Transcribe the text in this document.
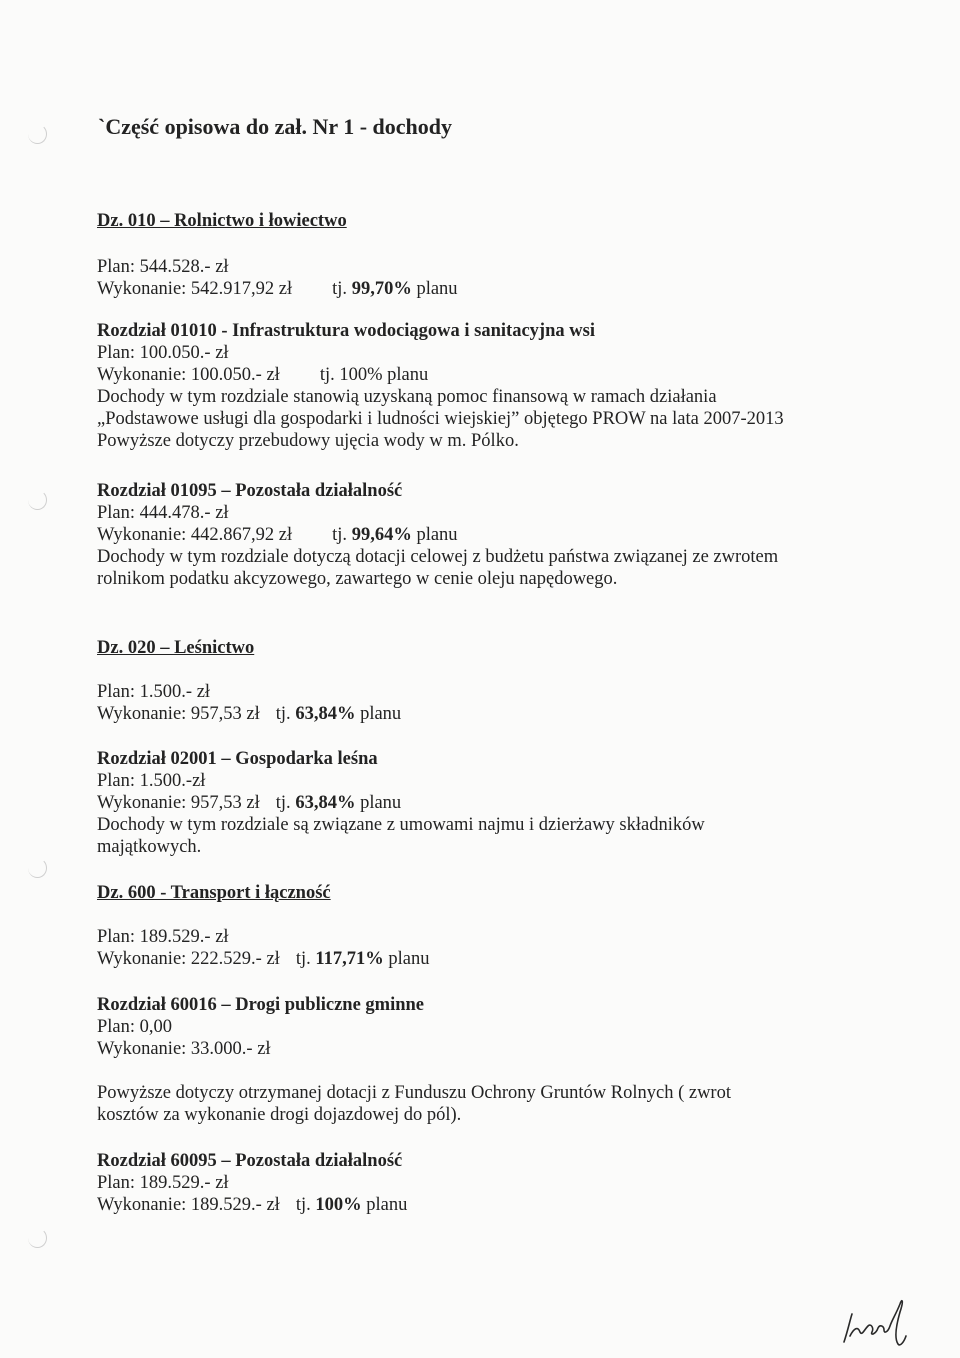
`Część opisowa do zał. Nr 1 - dochody
Dz. 010 – Rolnictwo i łowiectwo
Plan: 544.528.- zł
Wykonanie: 542.917,92 zł tj. 99,70% planu
Rozdział 01010 - Infrastruktura wodociągowa i sanitacyjna wsi
Plan: 100.050.- zł
Wykonanie: 100.050.- zł tj. 100% planu
Dochody w tym rozdziale stanowią uzyskaną pomoc finansową w ramach działania
„Podstawowe usługi dla gospodarki i ludności wiejskiej” objętego PROW na lata 2007-2013
Powyższe dotyczy przebudowy ujęcia wody w m. Pólko.
Rozdział 01095 – Pozostała działalność
Plan: 444.478.- zł
Wykonanie: 442.867,92 zł tj. 99,64% planu
Dochody w tym rozdziale dotyczą dotacji celowej z budżetu państwa związanej ze zwrotem
rolnikom podatku akcyzowego, zawartego w cenie oleju napędowego.
Dz. 020 – Leśnictwo
Plan: 1.500.- zł
Wykonanie: 957,53 zł tj. 63,84% planu
Rozdział 02001 – Gospodarka leśna
Plan: 1.500.-zł
Wykonanie: 957,53 zł tj. 63,84% planu
Dochody w tym rozdziale są związane z umowami najmu i dzierżawy składników
majątkowych.
Dz. 600 - Transport i łączność
Plan: 189.529.- zł
Wykonanie: 222.529.- zł tj. 117,71% planu
Rozdział 60016 – Drogi publiczne gminne
Plan: 0,00
Wykonanie: 33.000.- zł
Powyższe dotyczy otrzymanej dotacji z Funduszu Ochrony Gruntów Rolnych ( zwrot
kosztów za wykonanie drogi dojazdowej do pól).
Rozdział 60095 – Pozostała działalność
Plan: 189.529.- zł
Wykonanie: 189.529.- zł tj. 100% planu
